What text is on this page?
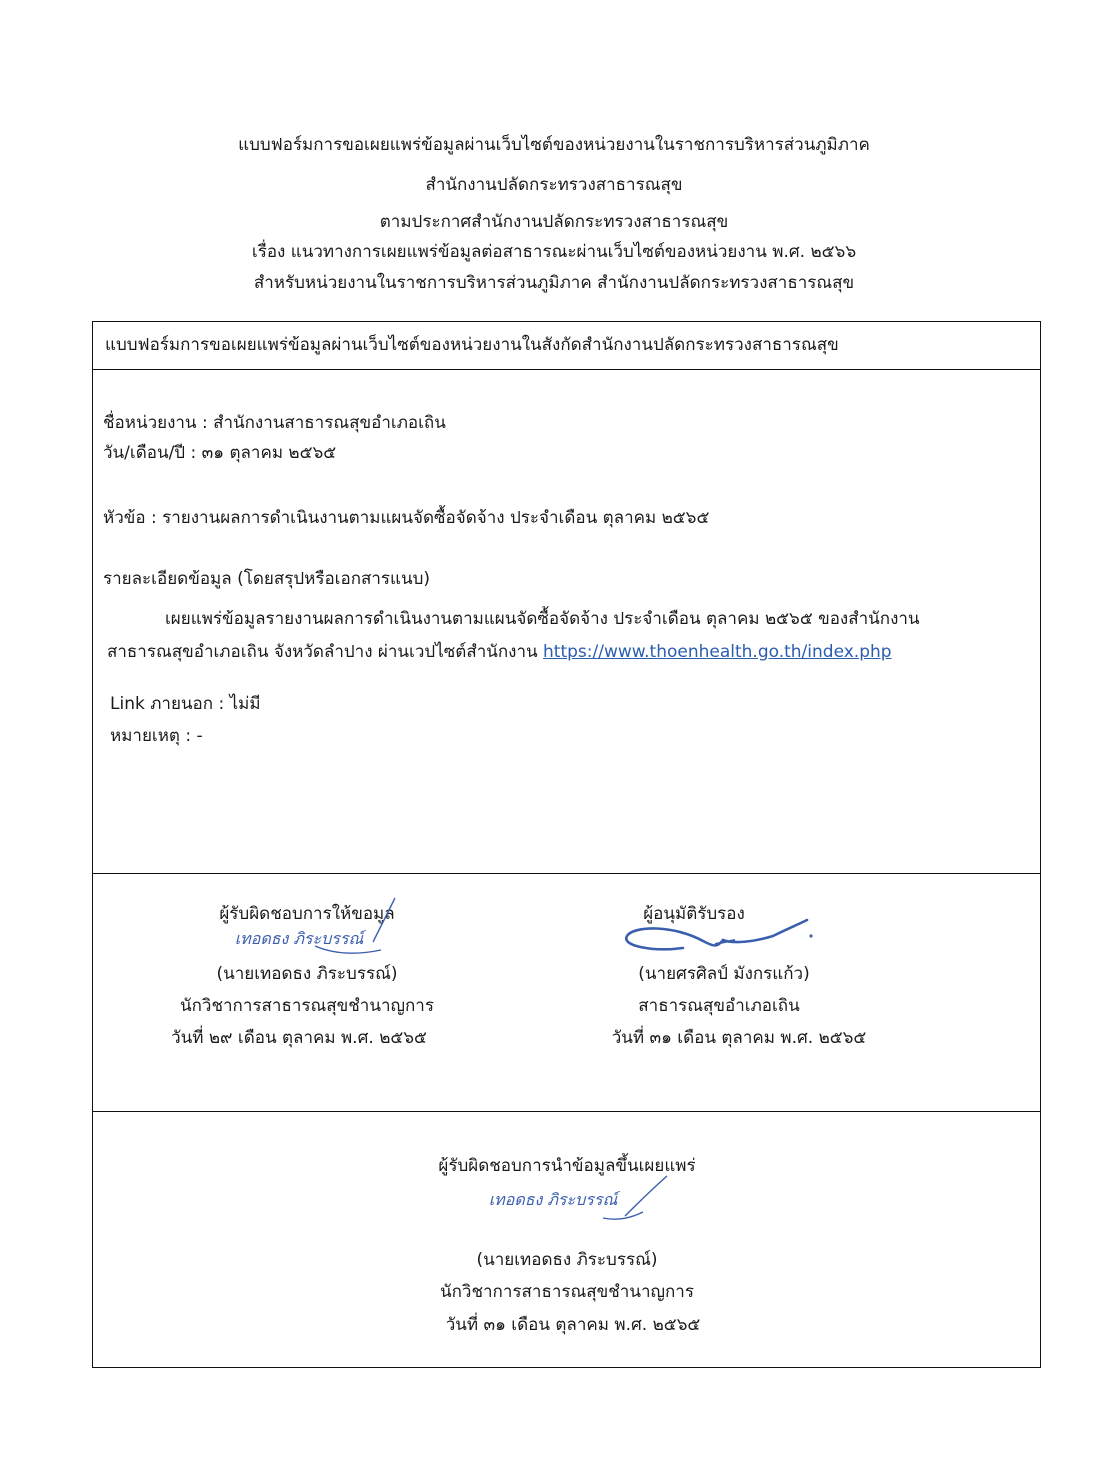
แบบฟอร์มการขอเผยแพร่ข้อมูลผ่านเว็บไซต์ของหน่วยงานในราชการบริหารส่วนภูมิภาค
สำนักงานปลัดกระทรวงสาธารณสุข
ตามประกาศสำนักงานปลัดกระทรวงสาธารณสุข
เรื่อง แนวทางการเผยแพร่ข้อมูลต่อสาธารณะผ่านเว็บไซต์ของหน่วยงาน พ.ศ. ๒๕๖๖
สำหรับหน่วยงานในราชการบริหารส่วนภูมิภาค สำนักงานปลัดกระทรวงสาธารณสุข
แบบฟอร์มการขอเผยแพร่ข้อมูลผ่านเว็บไซต์ของหน่วยงานในสังกัดสำนักงานปลัดกระทรวงสาธารณสุข
ชื่อหน่วยงาน : สำนักงานสาธารณสุขอำเภอเถิน
วัน/เดือน/ปี : ๓๑ ตุลาคม ๒๕๖๕
หัวข้อ : รายงานผลการดำเนินงานตามแผนจัดซื้อจัดจ้าง ประจำเดือน ตุลาคม ๒๕๖๕
รายละเอียดข้อมูล (โดยสรุปหรือเอกสารแนบ)
เผยแพร่ข้อมูลรายงานผลการดำเนินงานตามแผนจัดซื้อจัดจ้าง ประจำเดือน ตุลาคม ๒๕๖๕ ของสำนักงาน
สาธารณสุขอำเภอเถิน จังหวัดลำปาง ผ่านเวปไซต์สำนักงาน https://www.thoenhealth.go.th/index.php
Link ภายนอก : ไม่มี
หมายเหตุ : -
ผู้รับผิดชอบการให้ขอมูล
เทอดธง ภิระบรรณ์
(นายเทอดธง ภิระบรรณ์)
นักวิชาการสาธารณสุขชำนาญการ
วันที่ ๒๙ เดือน ตุลาคม พ.ศ. ๒๕๖๕
ผู้อนุมัติรับรอง
(นายศรศิลป์ มังกรแก้ว)
สาธารณสุขอำเภอเถิน
วันที่ ๓๑ เดือน ตุลาคม พ.ศ. ๒๕๖๕
ผู้รับผิดชอบการนำข้อมูลขึ้นเผยแพร่
เทอดธง ภิระบรรณ์
(นายเทอดธง ภิระบรรณ์)
นักวิชาการสาธารณสุขชำนาญการ
วันที่ ๓๑ เดือน ตุลาคม พ.ศ. ๒๕๖๕
